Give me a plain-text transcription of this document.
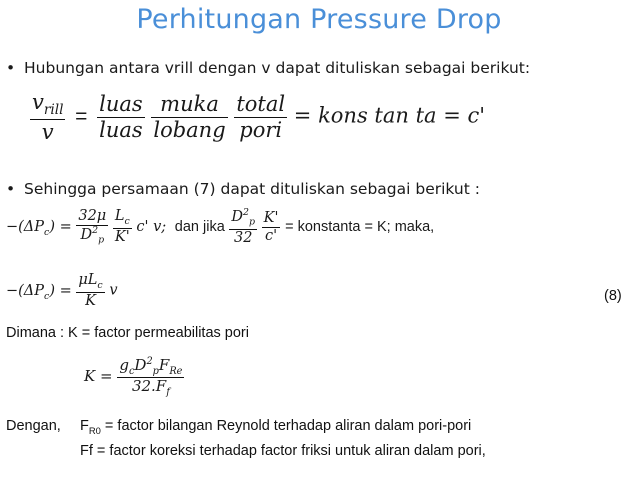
Perhitungan Pressure Drop
• Hubungan antara vrill dengan v dapat dituliskan sebagai berikut:
$\frac{v_{rill}}{v} = \frac{\text{luas}}{\text{luas}}$
$\frac{\text{muka}}{\text{lobang}}$
$\frac{\text{total}}{\text{pori}}$ = kons tan ta = c'
• Sehingga persamaan (7) dapat dituliskan sebagai berikut :
$-(\Delta P_c) = \frac{32\mu}{D^2_p}$
$\frac{L_c}{K'} c'$ v; dan jika $\frac{D^2_p}{32}$
$\frac{K'}{c'}$ = konstanta = K; maka,
$-(\Delta P_c) = \frac{\mu L_c}{K}$ v	(8)
Dimana : K = factor permeabilitas pori
$K = \frac{g_cD^2_pF_{Re}}{32.F_f}$
Dengan, $F_{R0}$ = factor bilangan Reynold terhadap aliran dalam pori-pori
Ff = factor koreksi terhadap factor friksi untuk aliran dalam pori,
